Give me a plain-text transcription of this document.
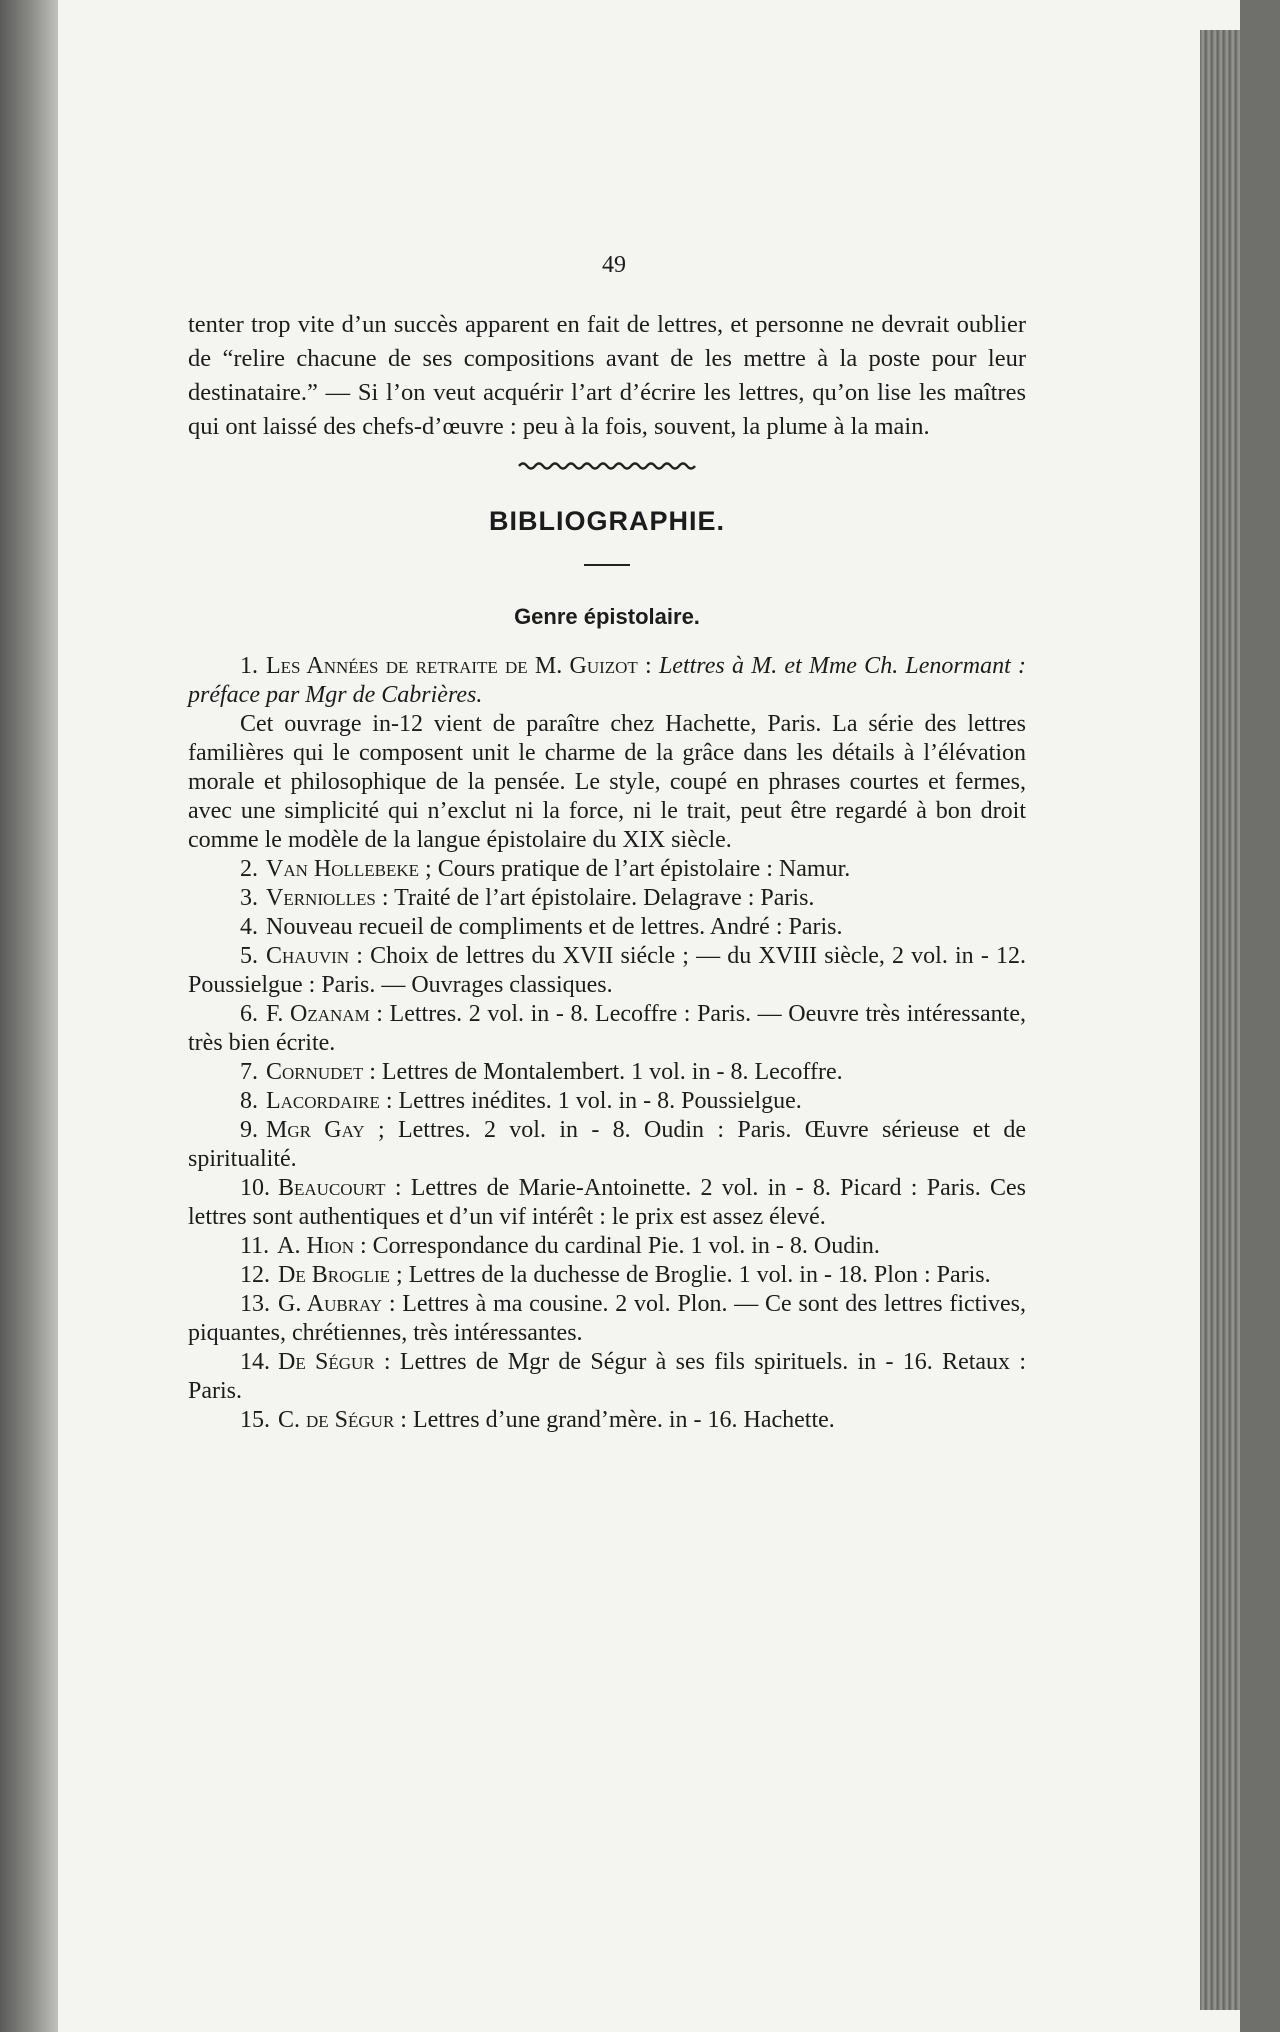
49

tenter trop vite d’un succès apparent en fait de lettres, et personne ne devrait oublier de “relire chacune de ses compositions avant de les mettre à la poste pour leur destinataire.” — Si l’on veut acquérir l’art d’écrire les lettres, qu’on lise les maîtres qui ont laissé des chefs-d’œuvre : peu à la fois, souvent, la plume à la main.

BIBLIOGRAPHIE.
Genre épistolaire.

1. Les Années de retraite de M. Guizot : Lettres à M. et Mme Ch. Lenormant : préface par Mgr de Cabrières.

Cet ouvrage in-12 vient de paraître chez Hachette, Paris. La série des lettres familières qui le composent unit le charme de la grâce dans les détails à l’élévation morale et philosophique de la pensée. Le style, coupé en phrases courtes et fermes, avec une simplicité qui n’exclut ni la force, ni le trait, peut être regardé à bon droit comme le modèle de la langue épistolaire du XIX siècle.

2. Van Hollebeke ; Cours pratique de l’art épistolaire : Namur.

3. Verniolles : Traité de l’art épistolaire. Delagrave : Paris.

4. Nouveau recueil de compliments et de lettres. André : Paris.

5. Chauvin : Choix de lettres du XVII siécle ; — du XVIII siècle, 2 vol. in - 12. Poussielgue : Paris. — Ouvrages classiques.

6. F. Ozanam : Lettres. 2 vol. in - 8. Lecoffre : Paris. — Oeuvre très intéressante, très bien écrite.

7. Cornudet : Lettres de Montalembert. 1 vol. in - 8. Lecoffre.

8. Lacordaire : Lettres inédites. 1 vol. in - 8. Poussielgue.

9. Mgr Gay ; Lettres. 2 vol. in - 8. Oudin : Paris. Œuvre sérieuse et de spiritualité.

10. Beaucourt : Lettres de Marie-Antoinette. 2 vol. in - 8. Picard : Paris. Ces lettres sont authentiques et d’un vif intérêt : le prix est assez élevé.

11. A. Hion : Correspondance du cardinal Pie. 1 vol. in - 8. Oudin.

12. De Broglie ; Lettres de la duchesse de Broglie. 1 vol. in - 18. Plon : Paris.

13. G. Aubray : Lettres à ma cousine. 2 vol. Plon. — Ce sont des lettres fictives, piquantes, chrétiennes, très intéressantes.

14. De Ségur : Lettres de Mgr de Ségur à ses fils spirituels. in - 16. Retaux : Paris.

15. C. de Ségur : Lettres d’une grand’mère. in - 16. Hachette.
